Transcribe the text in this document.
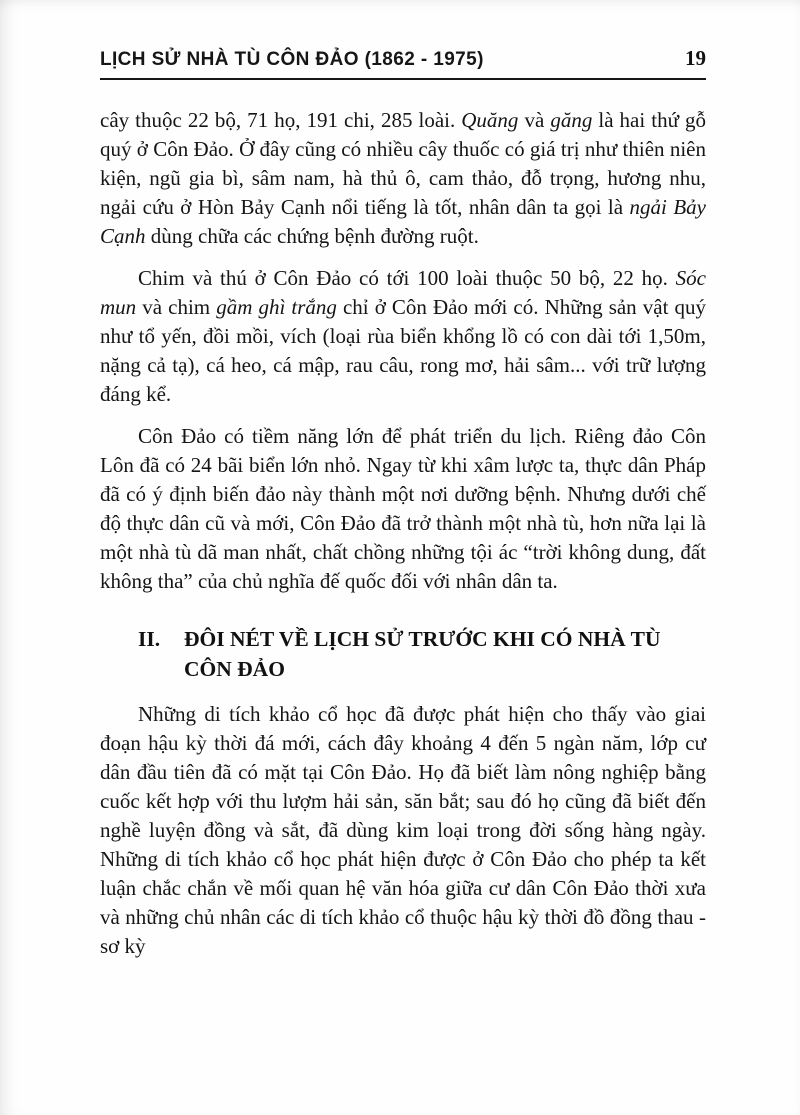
LỊCH SỬ NHÀ TÙ CÔN ĐẢO (1862 - 1975)	19

cây thuộc 22 bộ, 71 họ, 191 chi, 285 loài. Quăng và găng là hai thứ gỗ quý ở Côn Đảo. Ở đây cũng có nhiều cây thuốc có giá trị như thiên niên kiện, ngũ gia bì, sâm nam, hà thủ ô, cam thảo, đỗ trọng, hương nhu, ngải cứu ở Hòn Bảy Cạnh nổi tiếng là tốt, nhân dân ta gọi là ngải Bảy Cạnh dùng chữa các chứng bệnh đường ruột.

Chim và thú ở Côn Đảo có tới 100 loài thuộc 50 bộ, 22 họ. Sóc mun và chim gầm ghì trắng chỉ ở Côn Đảo mới có. Những sản vật quý như tổ yến, đồi mồi, vích (loại rùa biển khổng lồ có con dài tới 1,50m, nặng cả tạ), cá heo, cá mập, rau câu, rong mơ, hải sâm... với trữ lượng đáng kể.

Côn Đảo có tiềm năng lớn để phát triển du lịch. Riêng đảo Côn Lôn đã có 24 bãi biển lớn nhỏ. Ngay từ khi xâm lược ta, thực dân Pháp đã có ý định biến đảo này thành một nơi dưỡng bệnh. Nhưng dưới chế độ thực dân cũ và mới, Côn Đảo đã trở thành một nhà tù, hơn nữa lại là một nhà tù dã man nhất, chất chồng những tội ác “trời không dung, đất không tha” của chủ nghĩa đế quốc đối với nhân dân ta.

II.	ĐÔI NÉT VỀ LỊCH SỬ TRƯỚC KHI CÓ NHÀ TÙ CÔN ĐẢO

Những di tích khảo cổ học đã được phát hiện cho thấy vào giai đoạn hậu kỳ thời đá mới, cách đây khoảng 4 đến 5 ngàn năm, lớp cư dân đầu tiên đã có mặt tại Côn Đảo. Họ đã biết làm nông nghiệp bằng cuốc kết hợp với thu lượm hải sản, săn bắt; sau đó họ cũng đã biết đến nghề luyện đồng và sắt, đã dùng kim loại trong đời sống hàng ngày. Những di tích khảo cổ học phát hiện được ở Côn Đảo cho phép ta kết luận chắc chắn về mối quan hệ văn hóa giữa cư dân Côn Đảo thời xưa và những chủ nhân các di tích khảo cổ thuộc hậu kỳ thời đồ đồng thau - sơ kỳ
